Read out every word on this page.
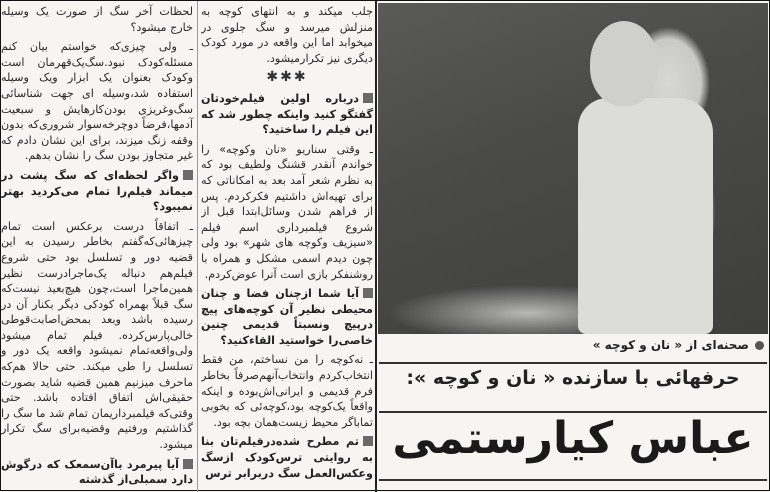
لحظات آخر سگ از صورت یک وسیله خارج میشود؟

ـ ولی چیزی‌که خواستم بیان کنم مسئله‌کودک نبود.سگ‌یک‌قهرمان است وکودک بعنوان یک ابزار ویک وسیله استفاده شد،وسیله ای جهت شناسائی سگ‌وغریزی بودن‌کارهایش و سبعیت آدمها،فرضاً دوچرخه‌سوار شروری‌که بدون وقفه زنگ میزند، برای این نشان دادم که غیر متجاوز بودن سگ را نشان بدهم.

واگر لحظه‌ای که سگ پشت در میماند فیلم‌را تمام می‌کردید بهتر نمیبود؟

ـ اتفاقاً درست برعکس است تمام چیزهائی‌که‌گفتم بخاطر رسیدن به این قضیه دور و تسلسل بود حتی شروع فیلم‌هم دنباله یک‌ماجرادرست نظیر همین‌ماجرا است،چون هیچ‌بعید نیست‌که سگ قبلاً بهمراه کودکی دیگر بکنار آن در رسیده باشد وبعد بمحض‌اصابت‌قوطی خالی‌پارس‌کرده. فیلم تمام میشود ولی‌واقعه‌تمام نمیشود واقعه یک دور و تسلسل را طی میکند. حتی حالا هم‌که ماحرف میزنیم همین قضیه شاید بصورت حقیقی‌اش اتفاق افتاده باشد. حتی وقتی‌که فیلمبرداریمان تمام شد ما سگ را گذاشتیم ورفتیم وقضیه‌برای سگ تکرار میشود.

آیا پیرمرد باآن‌سمعک که درگوش دارد سمبلی‌از گذشته

جلب میکند و به انتهای کوچه به منزلش میرسد و سگ جلوی در میخوابد اما این واقعه در مورد کودک دیگری نیز تکرارمیشود.

✱✱✱

درباره اولین فیلم‌خودتان گفتگو کنید واینکه چطور شد که این فیلم را ساختید؟

ـ وقتی سناریو «نان وکوچه» را خواندم آنقدر قشنگ ولطیف بود که به نظرم شعر آمد بعد به امکاناتی که برای تهیه‌اش داشتیم فکرکردم. پس از فراهم شدن وسائل‌ابتدا قبل از شروع فیلمبرداری اسم فیلم «سیزیف وکوچه های شهر» بود ولی چون دیدم اسمی مشکل و همراه با روشنفکر بازی است آنرا عوض‌کردم.

آیا شما ازچنان فضا و چنان محیطی نظیر آن کوچه‌های پیچ درپیچ ونسبتاً قدیمی چنین خاصی‌را خواستید القاء‌کنید؟

ـ نه‌کوچه را من نساختم، من فقط انتخاب‌کردم وانتخاب‌آنهم‌صرفاً بخاطر فرم قدیمی و ایرانی‌اش‌بوده و اینکه واقعاً یک‌کوچه بود،کوچه‌ئی که بخوبی تماباگر محیط زیست‌همان بچه بود.

تم مطرح شده‌درفیلم‌تان بنا به روایتی ترس‌کودک ازسگ وعکس‌العمل سگ دربرابر ترس

صحنه‌ای از « نان و کوچه »
حرفهائی با سازنده « نان و کوچه »:
عباس کیارستمی
